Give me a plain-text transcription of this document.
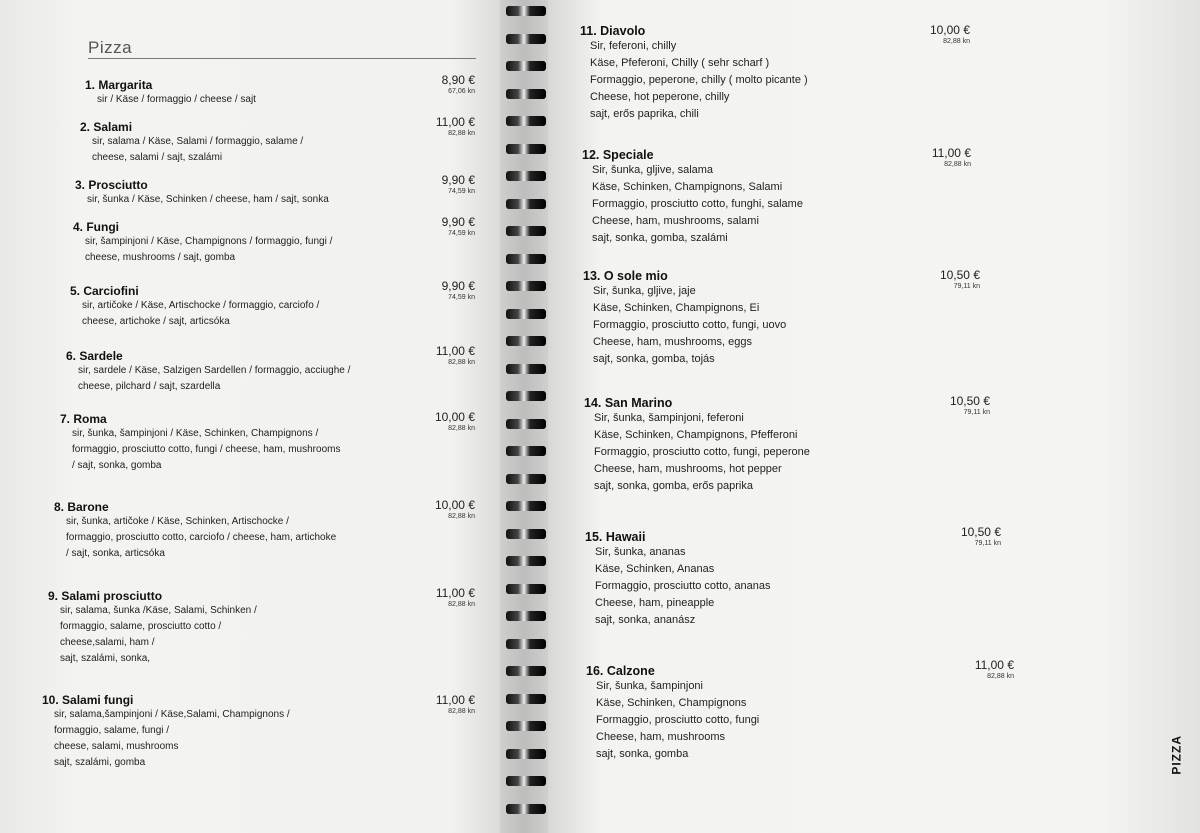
Pizza
1. Margarita
sir / Käse / formaggio / cheese / sajt
8,90 €
67,06 kn
2. Salami
sir, salama / Käse, Salami / formaggio, salame /
cheese, salami / sajt, szalámi
11,00 €
82,88 kn
3. Prosciutto
sir, šunka / Käse, Schinken / cheese, ham / sajt, sonka
9,90 €
74,59 kn
4. Fungi
sir, šampinjoni / Käse, Champignons / formaggio, fungi /
cheese, mushrooms / sajt, gomba
9,90 €
74,59 kn
5. Carciofini
sir, artičoke / Käse, Artischocke / formaggio, carciofo /
cheese, artichoke / sajt, articsóka
9,90 €
74,59 kn
6. Sardele
sir, sardele / Käse, Salzigen Sardellen / formaggio, acciughe /
cheese, pilchard / sajt, szardella
11,00 €
82,88 kn
7. Roma
sir, šunka, šampinjoni / Käse, Schinken, Champignons /
formaggio, prosciutto cotto, fungi / cheese, ham, mushrooms
/ sajt, sonka, gomba
10,00 €
82,88 kn
8. Barone
sir, šunka, artičoke / Käse, Schinken, Artischocke /
formaggio, prosciutto cotto, carciofo / cheese, ham, artichoke
/ sajt, sonka, articsóka
10,00 €
82,88 kn
9. Salami prosciutto
sir, salama, šunka /Käse, Salami, Schinken /
formaggio, salame, prosciutto cotto /
cheese,salami, ham /
sajt, szalámi, sonka,
11,00 €
82,88 kn
10. Salami fungi
sir, salama,šampinjoni / Käse,Salami, Champignons /
formaggio, salame, fungi /
cheese, salami, mushrooms
sajt, szalámi, gomba
11,00 €
82,88 kn
11. Diavolo
Sir, feferoni, chilly
Käse, Pfeferoni, Chilly ( sehr scharf )
Formaggio, peperone, chilly ( molto picante )
Cheese, hot peperone, chilly
sajt, erős paprika, chili
10,00 €
82,88 kn
12. Speciale
Sir, šunka, gljive, salama
Käse, Schinken, Champignons, Salami
Formaggio, prosciutto cotto, funghi, salame
Cheese, ham, mushrooms, salami
sajt, sonka, gomba, szalámi
11,00 €
82,88 kn
13. O sole mio
Sir, šunka, gljive, jaje
Käse, Schinken, Champignons, Ei
Formaggio, prosciutto cotto, fungi, uovo
Cheese, ham, mushrooms, eggs
sajt, sonka, gomba, tojás
10,50 €
79,11 kn
14. San Marino
Sir, šunka, šampinjoni, feferoni
Käse, Schinken, Champignons, Pfefferoni
Formaggio, prosciutto cotto, fungi, peperone
Cheese, ham, mushrooms, hot pepper
sajt, sonka, gomba, erős paprika
10,50 €
79,11 kn
15. Hawaii
Sir, šunka, ananas
Käse, Schinken, Ananas
Formaggio, prosciutto cotto, ananas
Cheese, ham, pineapple
sajt, sonka, ananász
10,50 €
79,11 kn
16. Calzone
Sir, šunka, šampinjoni
Käse, Schinken, Champignons
Formaggio, prosciutto cotto, fungi
Cheese, ham, mushrooms
sajt, sonka, gomba
11,00 €
82,88 kn
PIZZA
